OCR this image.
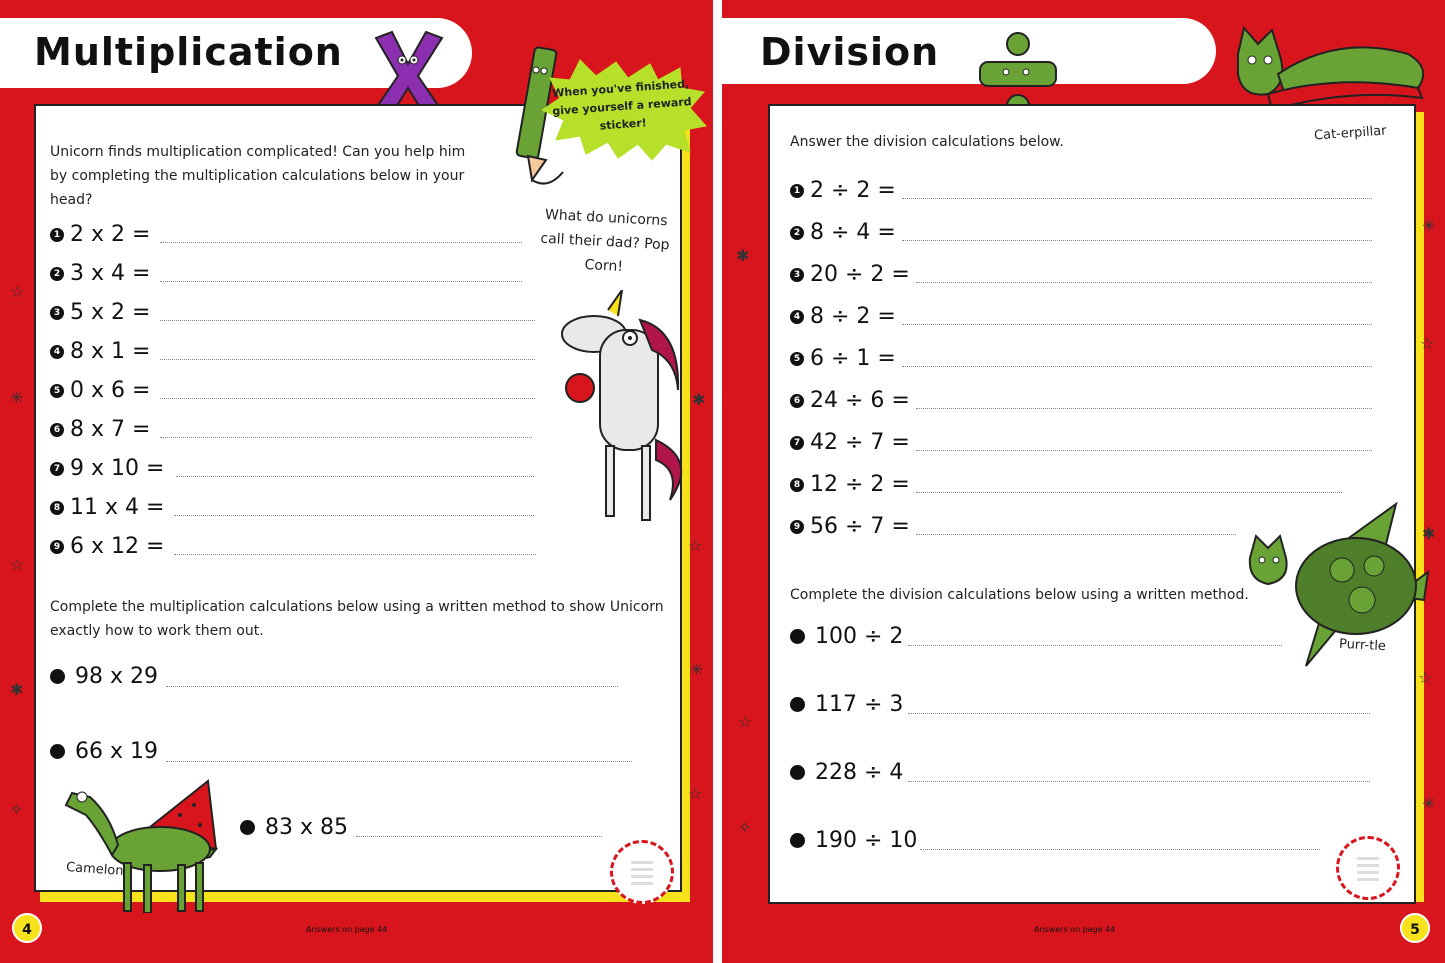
Multiplication
When you've finished, give yourself a reward sticker!
Unicorn finds multiplication complicated! Can you help him by completing the multiplication calculations below in your head?
1 2 x 2 =
2 3 x 4 =
3 5 x 2 =
4 8 x 1 =
5 0 x 6 =
6 8 x 7 =
7 9 x 10 =
8 11 x 4 =
9 6 x 12 =
What do unicorns call their dad? Pop Corn!
Complete the multiplication calculations below using a written method to show Unicorn exactly how to work them out.
98 x 29
66 x 19
83 x 85
Camelon
☆
✳
☆
✱
✧
✱
☆
✳
☆
4	Answers on page 44
Division
Answer the division calculations below.	Cat-erpillar
1 2 ÷ 2 =
2 8 ÷ 4 =
3 20 ÷ 2 =
4 8 ÷ 2 =
5 6 ÷ 1 =
6 24 ÷ 6 =
7 42 ÷ 7 =
8 12 ÷ 2 =
9 56 ÷ 7 =
Purr-tle
Complete the division calculations below using a written method.
100 ÷ 2
117 ÷ 3
228 ÷ 4
190 ÷ 10
✱
☆
✧
✳
☆
✱
☆
✳
5
Answers on page 44
